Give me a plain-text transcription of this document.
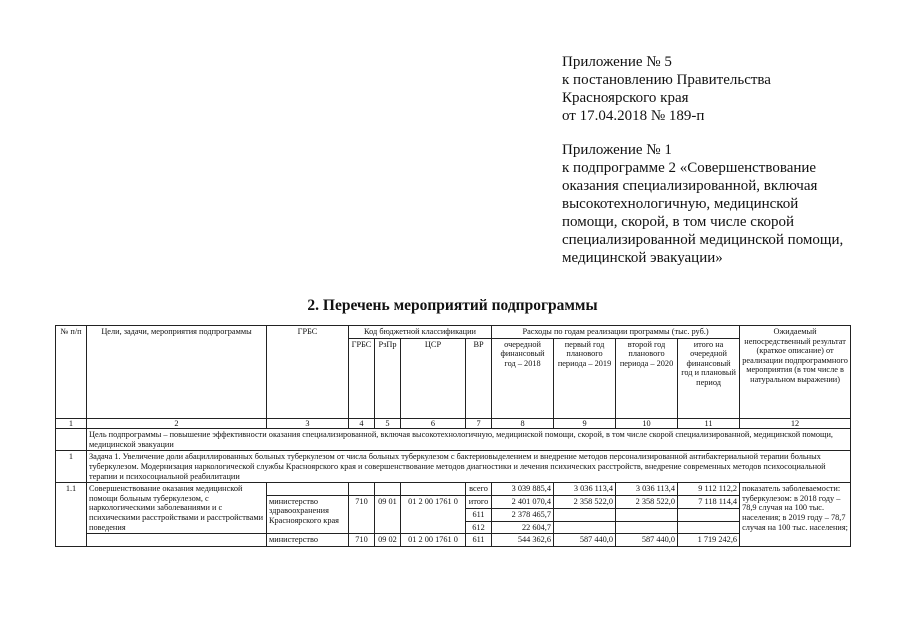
Приложение № 5
к постановлению Правительства
Красноярского края
от 17.04.2018 № 189-п
Приложение № 1
к подпрограмме 2 «Совершенствование
оказания специализированной, включая
высокотехнологичную, медицинской
помощи, скорой, в том числе скорой
специализированной медицинской помощи,
медицинской эвакуации»
2. Перечень мероприятий подпрограммы
№ п/п	Цели, задачи, мероприятия подпрограммы	ГРБС	Код бюджетной классификации				Расходы по годам реализации программы (тыс. руб.)				Ожидаемый непосредственный результат (краткое описание) от реализации подпрограммного мероприятия (в том числе в натуральном выражении)
			ГРБС	РзПр	ЦСР	ВР	очередной финансовый год – 2018	первый год планового периода – 2019	второй год планового периода – 2020	итого на очередной финансовый год и плановый период	
1	2	3	4	5	6	7	8	9	10	11	12
	Цель подпрограммы – повышение эффективности оказания специализированной, включая высокотехнологичную, медицинской помощи, скорой, в том числе скорой специализированной, медицинской помощи, медицинской эвакуации										
1	Задача 1. Увеличение доли абациллированных больных туберкулезом от числа больных туберкулезом с бактериовыделением и внедрение методов персонализированной антибактериальной терапии больных туберкулезом. Модернизация наркологической службы Красноярского края и совершенствование методов диагностики и лечения психических расстройств, внедрение современных методов психосоциальной терапии и психосоциальной реабилитации										
1.1	Совершенствование оказания медицинской помощи больным туберкулезом, с наркологическими заболеваниями и с психическими расстройствами и расстройствами поведения					всего	3 039 885,4	3 036 113,4	3 036 113,4	9 112 112,2	показатель заболеваемости: туберкулезом: в 2018 году – 78,9 случая на 100 тыс. населения; в 2019 году – 78,7 случая на 100 тыс. населения;
		министерство здравоохранения Красноярского края	710	09 01	01 2 00 1761 0	итого	2 401 070,4	2 358 522,0	2 358 522,0	7 118 114,4	
						611	2 378 465,7				
						612	22 604,7				
		министерство	710	09 02	01 2 00 1761 0	611	544 362,6	587 440,0	587 440,0	1 719 242,6	
